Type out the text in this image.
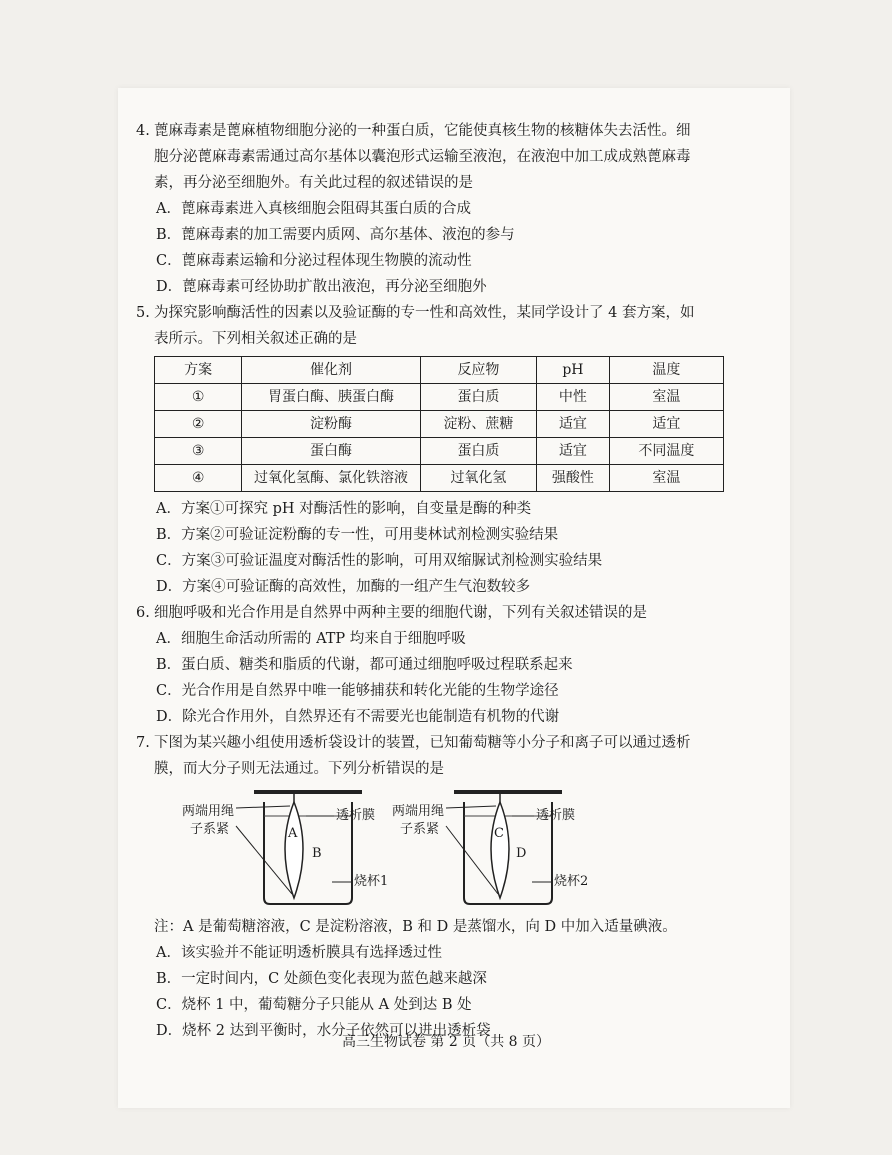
4. 蓖麻毒素是蓖麻植物细胞分泌的一种蛋白质，它能使真核生物的核糖体失去活性。细

胞分泌蓖麻毒素需通过高尔基体以囊泡形式运输至液泡，在液泡中加工成成熟蓖麻毒

素，再分泌至细胞外。有关此过程的叙述错误的是

A．蓖麻毒素进入真核细胞会阻碍其蛋白质的合成

B．蓖麻毒素的加工需要内质网、高尔基体、液泡的参与

C．蓖麻毒素运输和分泌过程体现生物膜的流动性

D．蓖麻毒素可经协助扩散出液泡，再分泌至细胞外

5. 为探究影响酶活性的因素以及验证酶的专一性和高效性，某同学设计了 4 套方案，如

表所示。下列相关叙述正确的是

方案	催化剂	反应物	pH	温度
①	胃蛋白酶、胰蛋白酶	蛋白质	中性	室温
②	淀粉酶	淀粉、蔗糖	适宜	适宜
③	蛋白酶	蛋白质	适宜	不同温度
④	过氧化氢酶、氯化铁溶液	过氧化氢	强酸性	室温

A．方案①可探究 pH 对酶活性的影响，自变量是酶的种类

B．方案②可验证淀粉酶的专一性，可用斐林试剂检测实验结果

C．方案③可验证温度对酶活性的影响，可用双缩脲试剂检测实验结果

D．方案④可验证酶的高效性，加酶的一组产生气泡数较多

6. 细胞呼吸和光合作用是自然界中两种主要的细胞代谢，下列有关叙述错误的是

A．细胞生命活动所需的 ATP 均来自于细胞呼吸

B．蛋白质、糖类和脂质的代谢，都可通过细胞呼吸过程联系起来

C．光合作用是自然界中唯一能够捕获和转化光能的生物学途径

D．除光合作用外，自然界还有不需要光也能制造有机物的代谢

7. 下图为某兴趣小组使用透析袋设计的装置，已知葡萄糖等小分子和离子可以通过透析

膜，而大分子则无法通过。下列分析错误的是

两端用绳
子系紧
透析膜
A
B
烧杯1
两端用绳
子系紧
透析膜
C
D
烧杯2

注：A 是葡萄糖溶液，C 是淀粉溶液，B 和 D 是蒸馏水，向 D 中加入适量碘液。

A．该实验并不能证明透析膜具有选择透过性

B．一定时间内，C 处颜色变化表现为蓝色越来越深

C．烧杯 1 中，葡萄糖分子只能从 A 处到达 B 处

D．烧杯 2 达到平衡时，水分子依然可以进出透析袋

高三生物试卷 第 2 页（共 8 页）
